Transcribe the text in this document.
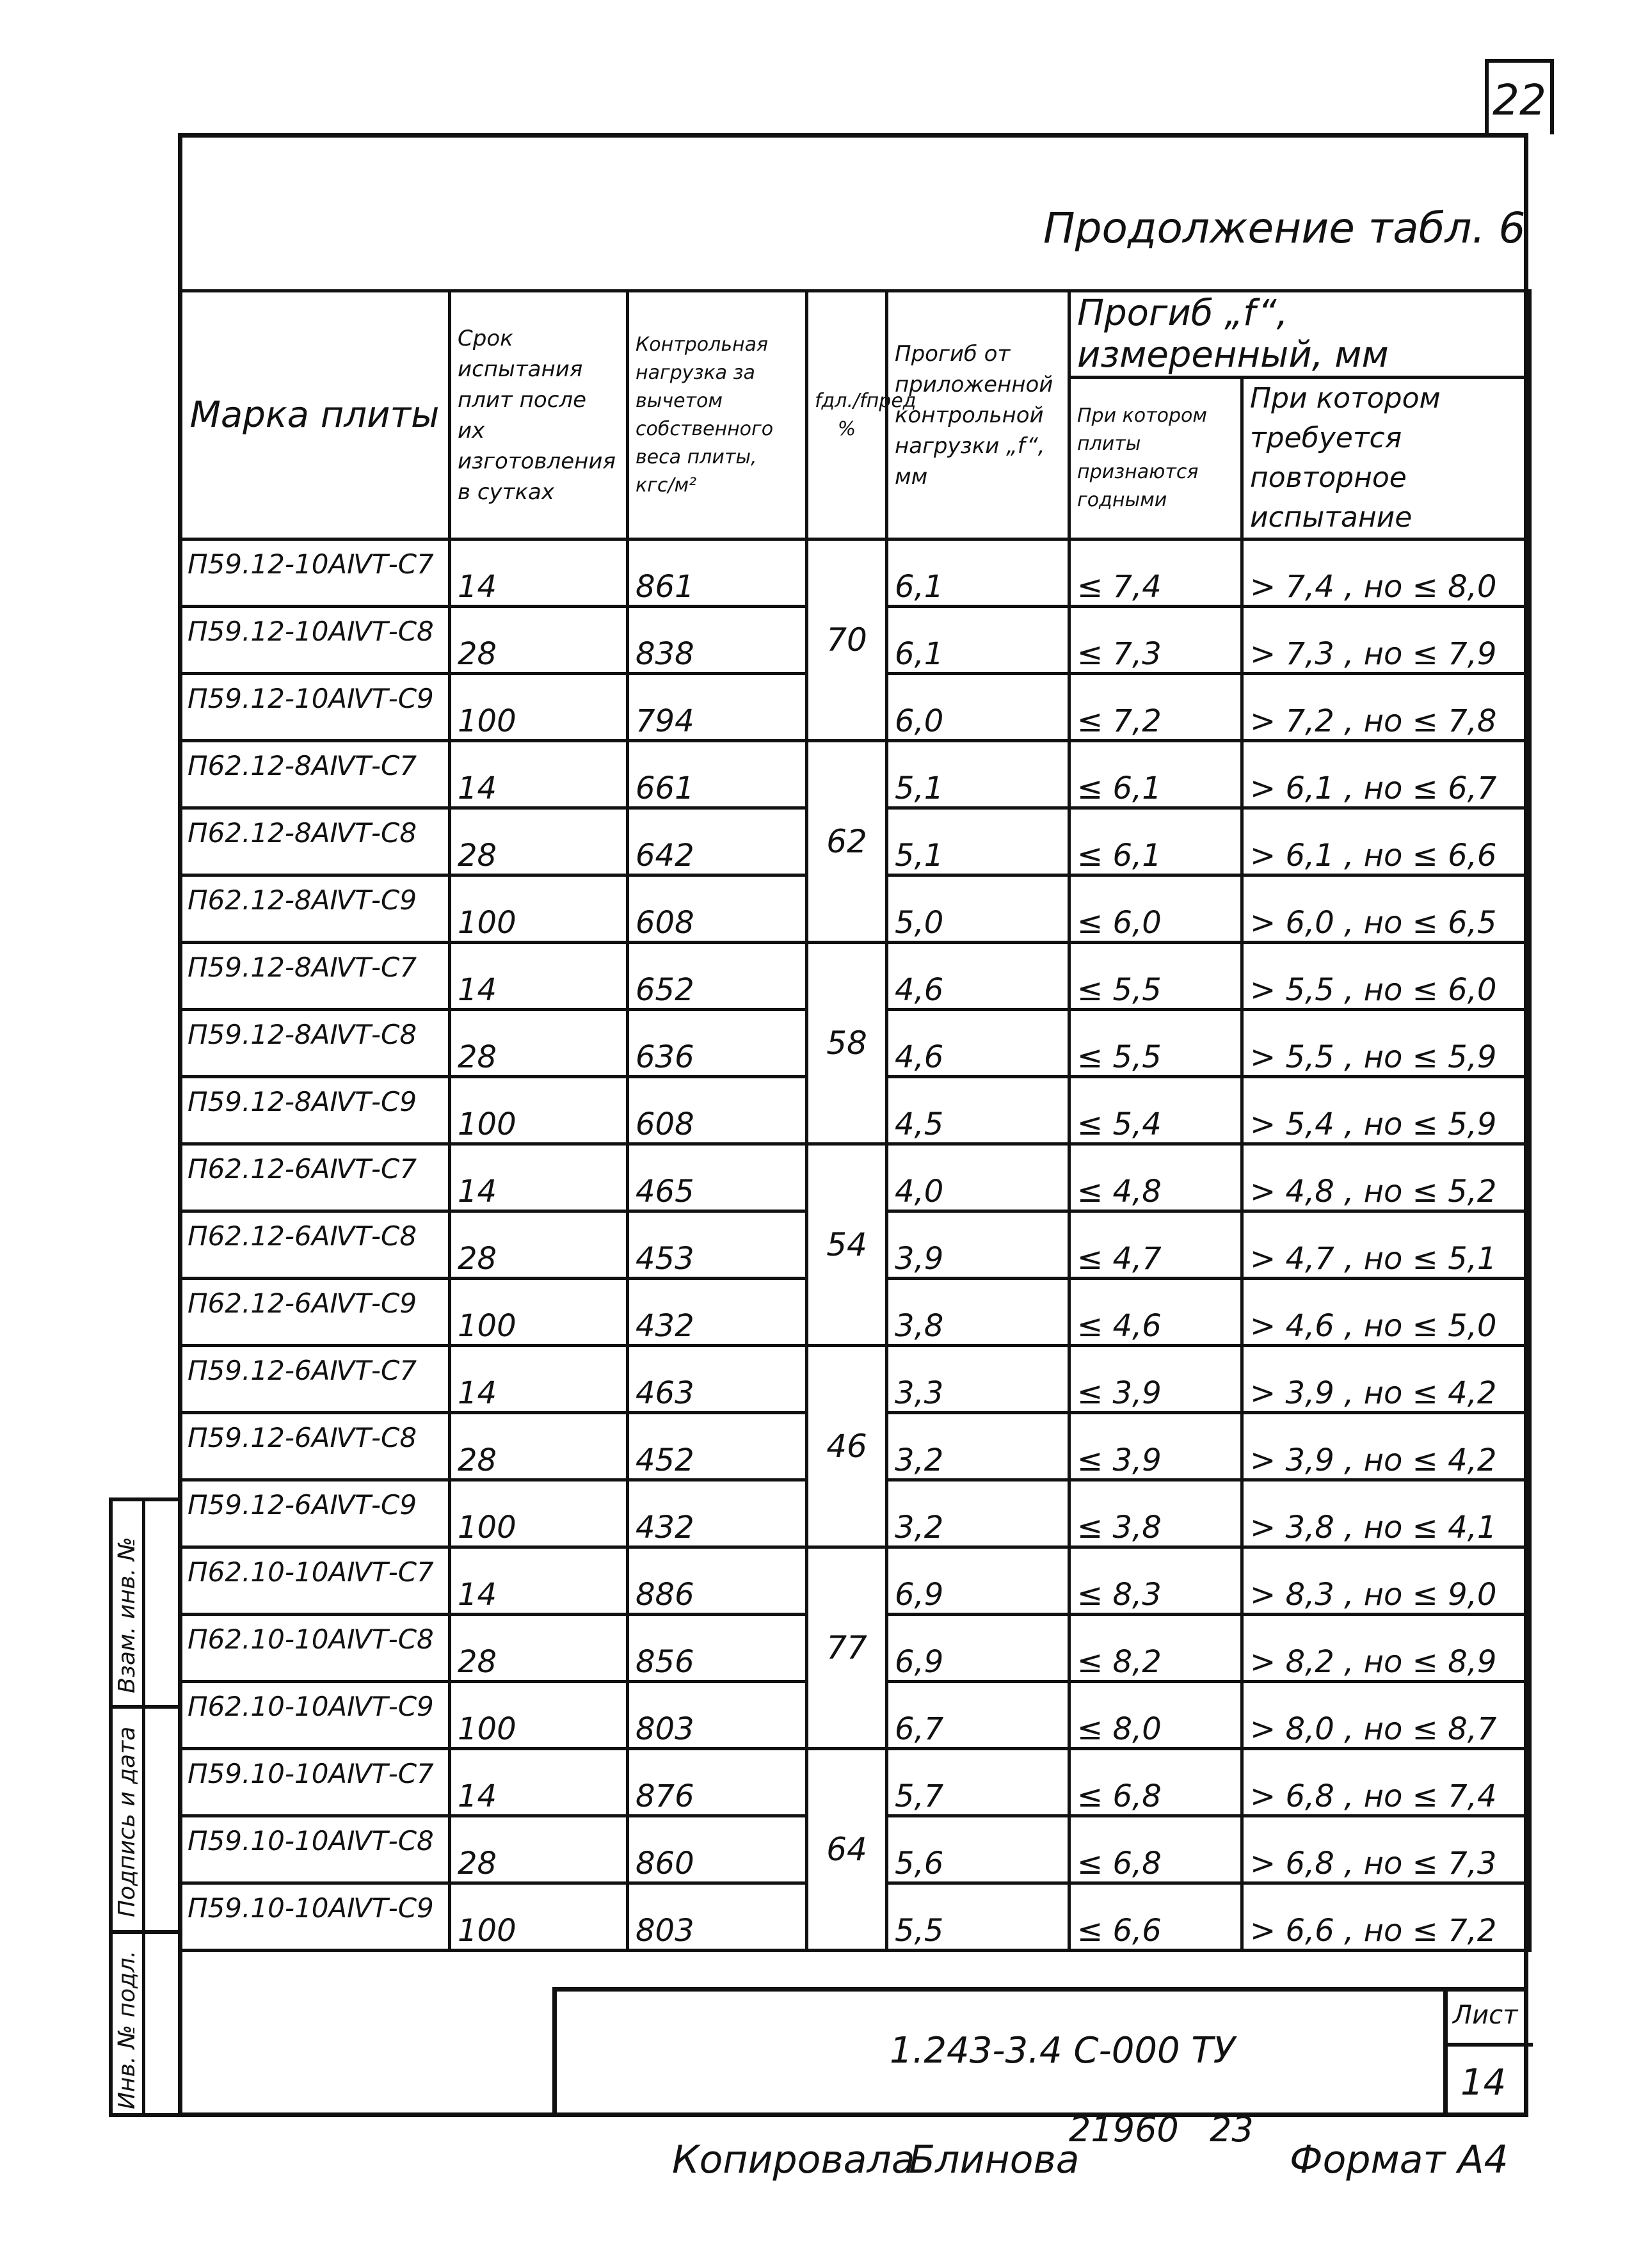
22
Продолжение табл. 6
Марка плиты	Срок испытания плит после их изготовления в сутках	Контрольная нагрузка за вычетом собственного веса плиты, кгс/м²	fдл./fпред %	Прогиб от приложенной контрольной нагрузки „f“, мм	Прогиб „f“, измеренный, мм	
					При котором плиты признаются годными	При котором требуется повторное испытание
П59.12-10АⅣТ-С7	14	861	70	6,1	≤ 7,4	> 7,4 , но ≤ 8,0
П59.12-10АⅣТ-С8	28	838		6,1	≤ 7,3	> 7,3 , но ≤ 7,9
П59.12-10АⅣТ-С9	100	794		6,0	≤ 7,2	> 7,2 , но ≤ 7,8
П62.12-8АⅣТ-С7	14	661	62	5,1	≤ 6,1	> 6,1 , но ≤ 6,7
П62.12-8АⅣТ-С8	28	642		5,1	≤ 6,1	> 6,1 , но ≤ 6,6
П62.12-8АⅣТ-С9	100	608		5,0	≤ 6,0	> 6,0 , но ≤ 6,5
П59.12-8АⅣТ-С7	14	652	58	4,6	≤ 5,5	> 5,5 , но ≤ 6,0
П59.12-8АⅣТ-С8	28	636		4,6	≤ 5,5	> 5,5 , но ≤ 5,9
П59.12-8АⅣТ-С9	100	608		4,5	≤ 5,4	> 5,4 , но ≤ 5,9
П62.12-6АⅣТ-С7	14	465	54	4,0	≤ 4,8	> 4,8 , но ≤ 5,2
П62.12-6АⅣТ-С8	28	453		3,9	≤ 4,7	> 4,7 , но ≤ 5,1
П62.12-6АⅣТ-С9	100	432		3,8	≤ 4,6	> 4,6 , но ≤ 5,0
П59.12-6АⅣТ-С7	14	463	46	3,3	≤ 3,9	> 3,9 , но ≤ 4,2
П59.12-6АⅣТ-С8	28	452		3,2	≤ 3,9	> 3,9 , но ≤ 4,2
П59.12-6АⅣТ-С9	100	432		3,2	≤ 3,8	> 3,8 , но ≤ 4,1
П62.10-10АⅣТ-С7	14	886	77	6,9	≤ 8,3	> 8,3 , но ≤ 9,0
П62.10-10АⅣТ-С8	28	856		6,9	≤ 8,2	> 8,2 , но ≤ 8,9
П62.10-10АⅣТ-С9	100	803		6,7	≤ 8,0	> 8,0 , но ≤ 8,7
П59.10-10АⅣТ-С7	14	876	64	5,7	≤ 6,8	> 6,8 , но ≤ 7,4
П59.10-10АⅣТ-С8	28	860		5,6	≤ 6,8	> 6,8 , но ≤ 7,3
П59.10-10АⅣТ-С9	100	803		5,5	≤ 6,6	> 6,6 , но ≤ 7,2
1.243-3.4 С-000 ТУ
Лист
14
Взам. инв. №
Подпись и дата
Инв. № подл.
Копировала
Блинова
21960 23
Формат А4
